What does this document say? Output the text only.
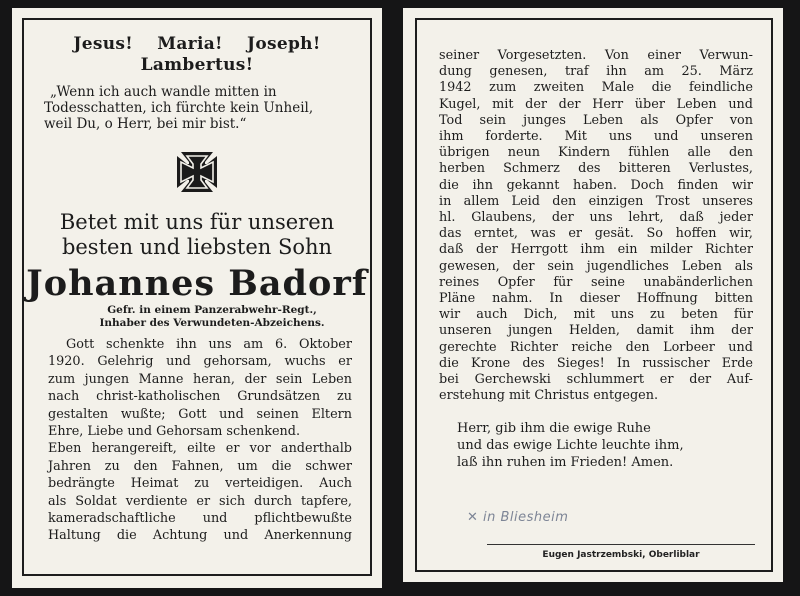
Jesus! Maria! Joseph!
Lambertus!
„Wenn ich auch wandle mitten in
Todesschatten, ich fürchte kein Unheil,
weil Du, o Herr, bei mir bist.“
Betet mit uns für unseren
besten und liebsten Sohn
Johannes Badorf
Gefr. in einem Panzerabwehr-Regt.,
Inhaber des Verwundeten-Abzeichens.
Gott schenkte ihn uns am 6. Oktober
1920. Gelehrig und gehorsam, wuchs er
zum jungen Manne heran, der sein Leben
nach christ-katholischen Grundsätzen zu
gestalten wußte; Gott und seinen Eltern
Ehre, Liebe und Gehorsam schenkend.
Eben herangereift, eilte er vor anderthalb
Jahren zu den Fahnen, um die schwer
bedrängte Heimat zu verteidigen. Auch
als Soldat verdiente er sich durch tapfere,
kameradschaftliche und pflichtbewußte
Haltung die Achtung und Anerkennung
seiner Vorgesetzten. Von einer Verwun-
dung genesen, traf ihn am 25. März
1942 zum zweiten Male die feindliche
Kugel, mit der der Herr über Leben und
Tod sein junges Leben als Opfer von
ihm forderte. Mit uns und unseren
übrigen neun Kindern fühlen alle den
herben Schmerz des bitteren Verlustes,
die ihn gekannt haben. Doch finden wir
in allem Leid den einzigen Trost unseres
hl. Glaubens, der uns lehrt, daß jeder
das erntet, was er gesät. So hoffen wir,
daß der Herrgott ihm ein milder Richter
gewesen, der sein jugendliches Leben als
reines Opfer für seine unabänderlichen
Pläne nahm. In dieser Hoffnung bitten
wir auch Dich, mit uns zu beten für
unseren jungen Helden, damit ihm der
gerechte Richter reiche den Lorbeer und
die Krone des Sieges! In russischer Erde
bei Gerchewski schlummert er der Auf-
erstehung mit Christus entgegen.
Herr, gib ihm die ewige Ruhe
und das ewige Lichte leuchte ihm,
laß ihn ruhen im Frieden! Amen.
✕ in Bliesheim
Eugen Jastrzembski, Oberliblar
